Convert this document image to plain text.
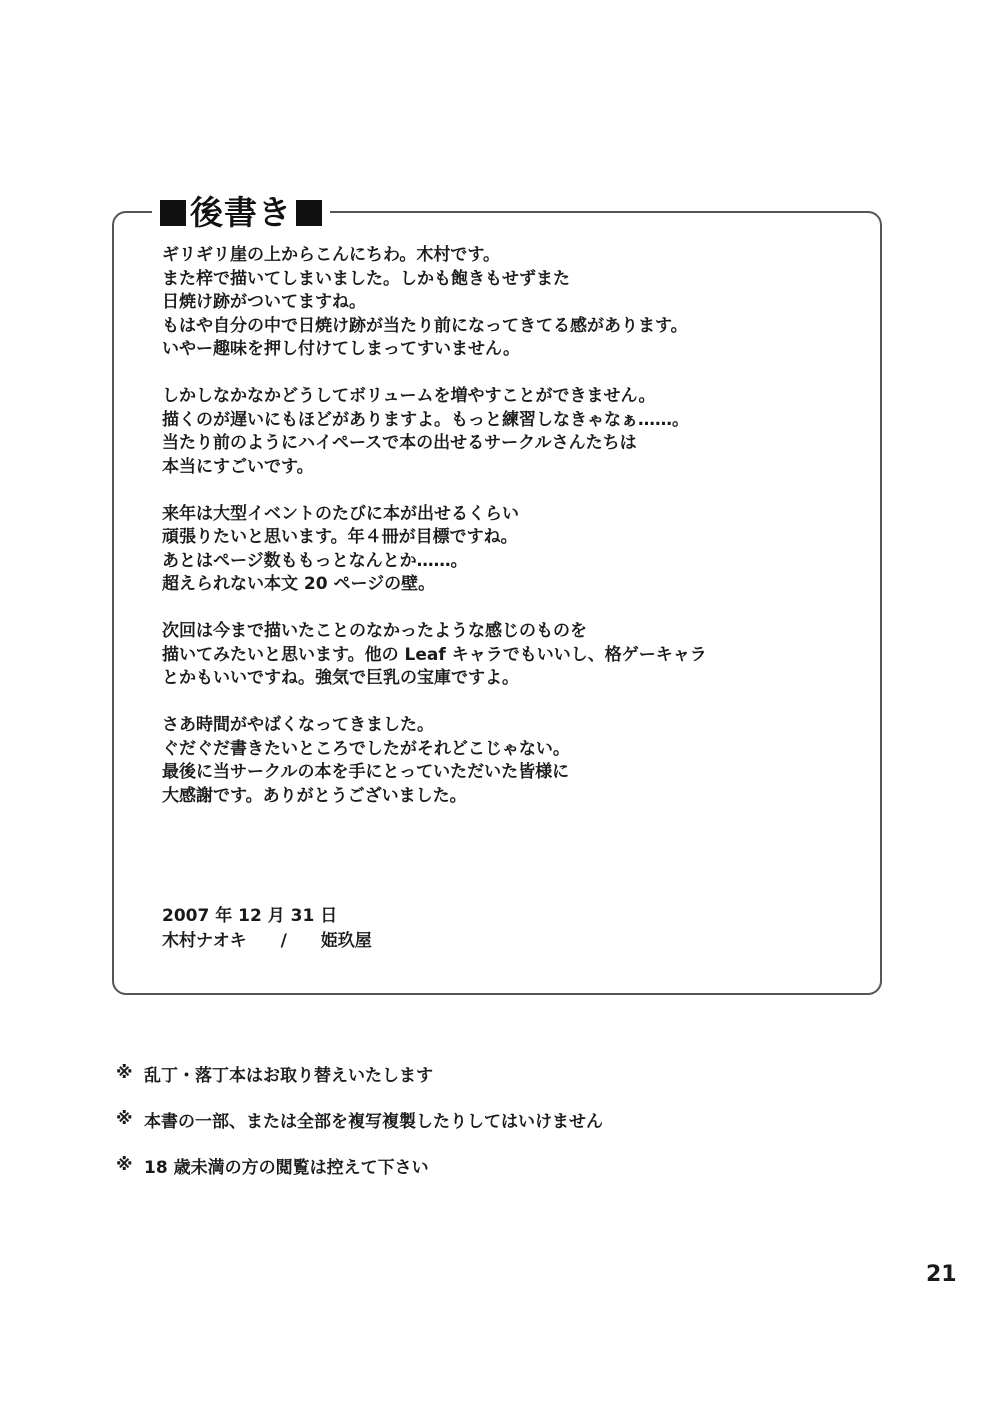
後書き
ギリギリ崖の上からこんにちわ。木村です。
また梓で描いてしまいました。しかも飽きもせずまた
日焼け跡がついてますね。
もはや自分の中で日焼け跡が当たり前になってきてる感があります。
いやー趣味を押し付けてしまってすいません。
しかしなかなかどうしてボリュームを増やすことができません。
描くのが遅いにもほどがありますよ。もっと練習しなきゃなぁ……。
当たり前のようにハイペースで本の出せるサークルさんたちは
本当にすごいです。
来年は大型イベントのたびに本が出せるくらい
頑張りたいと思います。年４冊が目標ですね。
あとはページ数ももっとなんとか……。
超えられない本文 20 ページの壁。
次回は今まで描いたことのなかったような感じのものを
描いてみたいと思います。他の Leaf キャラでもいいし、格ゲーキャラ
とかもいいですね。強気で巨乳の宝庫ですよ。
さあ時間がやばくなってきました。
ぐだぐだ書きたいところでしたがそれどこじゃない。
最後に当サークルの本を手にとっていただいた皆様に
大感謝です。ありがとうございました。
2007 年 12 月 31 日
木村ナオキ / 姫玖屋
※ 乱丁・落丁本はお取り替えいたします
※ 本書の一部、または全部を複写複製したりしてはいけません
※ 18 歳未満の方の閲覧は控えて下さい
21
